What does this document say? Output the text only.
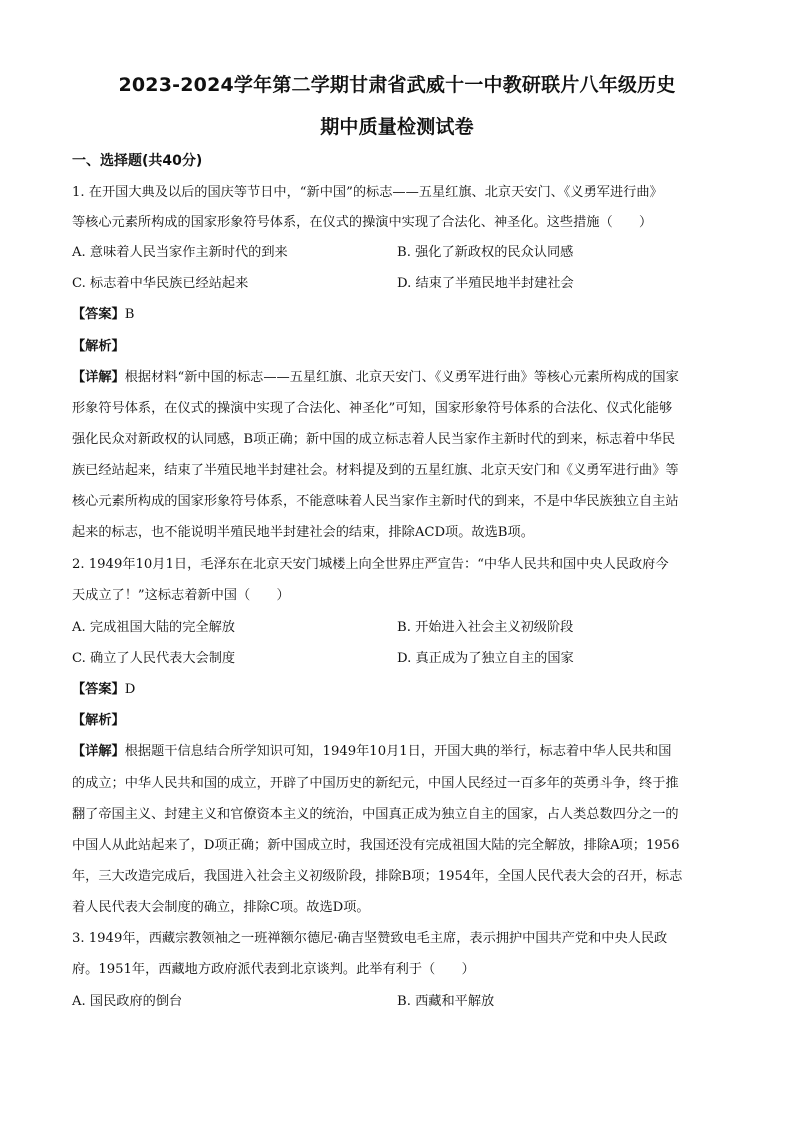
2023-2024学年第二学期甘肃省武威十一中教研联片八年级历史
期中质量检测试卷
一、选择题(共40分)
1. 在开国大典及以后的国庆等节日中，“新中国”的标志——五星红旗、北京天安门、《义勇军进行曲》
等核心元素所构成的国家形象符号体系，在仪式的操演中实现了合法化、神圣化。这些措施（　　）
A. 意味着人民当家作主新时代的到来	B. 强化了新政权的民众认同感
C. 标志着中华民族已经站起来	D. 结束了半殖民地半封建社会
【答案】B
【解析】
【详解】根据材料“新中国的标志——五星红旗、北京天安门、《义勇军进行曲》等核心元素所构成的国家
形象符号体系，在仪式的操演中实现了合法化、神圣化”可知，国家形象符号体系的合法化、仪式化能够
强化民众对新政权的认同感，B项正确；新中国的成立标志着人民当家作主新时代的到来，标志着中华民
族已经站起来，结束了半殖民地半封建社会。材料提及到的五星红旗、北京天安门和《义勇军进行曲》等
核心元素所构成的国家形象符号体系，不能意味着人民当家作主新时代的到来，不是中华民族独立自主站
起来的标志，也不能说明半殖民地半封建社会的结束，排除ACD项。故选B项。
2. 1949年10月1日，毛泽东在北京天安门城楼上向全世界庄严宣告：“中华人民共和国中央人民政府今
天成立了！”这标志着新中国（　　）
A. 完成祖国大陆的完全解放	B. 开始进入社会主义初级阶段
C. 确立了人民代表大会制度	D. 真正成为了独立自主的国家
【答案】D
【解析】
【详解】根据题干信息结合所学知识可知，1949年10月1日，开国大典的举行，标志着中华人民共和国
的成立；中华人民共和国的成立，开辟了中国历史的新纪元，中国人民经过一百多年的英勇斗争，终于推
翻了帝国主义、封建主义和官僚资本主义的统治，中国真正成为独立自主的国家，占人类总数四分之一的
中国人从此站起来了，D项正确；新中国成立时，我国还没有完成祖国大陆的完全解放，排除A项；1956
年，三大改造完成后，我国进入社会主义初级阶段，排除B项；1954年，全国人民代表大会的召开，标志
着人民代表大会制度的确立，排除C项。故选D项。
3. 1949年，西藏宗教领袖之一班禅额尔德尼·确吉坚赞致电毛主席，表示拥护中国共产党和中央人民政
府。1951年，西藏地方政府派代表到北京谈判。此举有利于（　　）
A. 国民政府的倒台	B. 西藏和平解放
